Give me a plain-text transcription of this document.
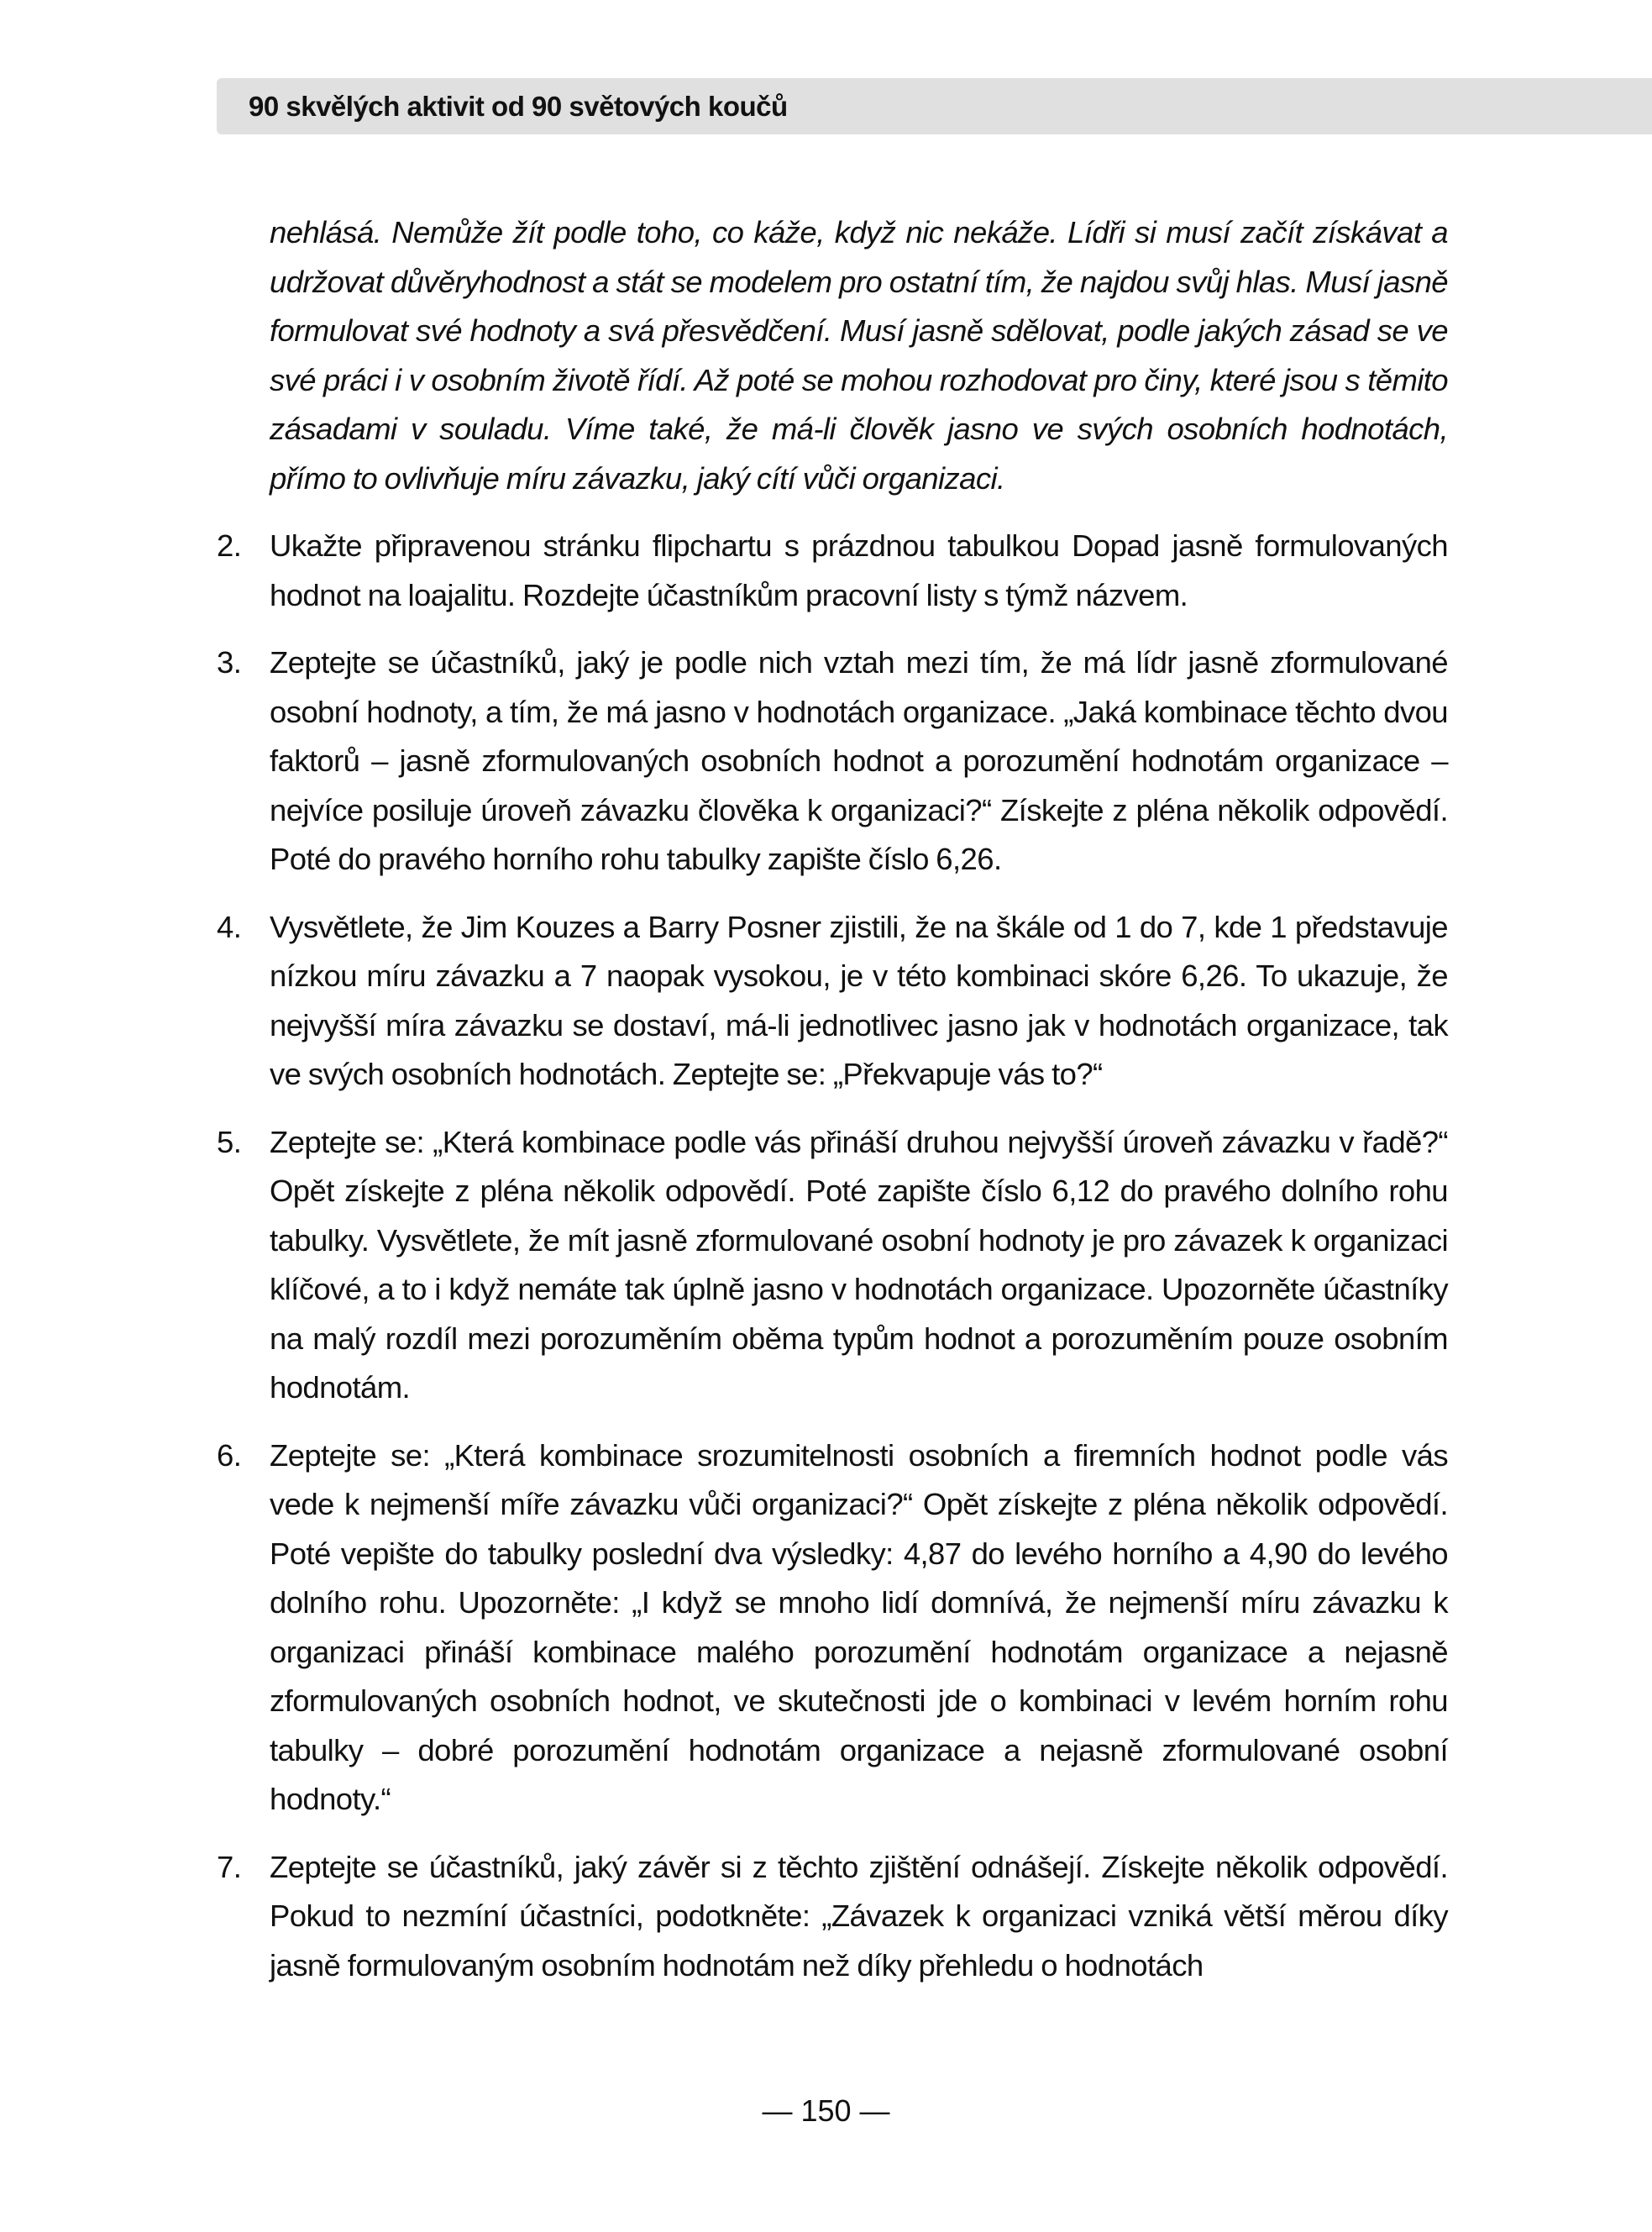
90 skvělých aktivit od 90 světových koučů

nehlásá. Nemůže žít podle toho, co káže, když nic nekáže. Lídři si musí začít získávat a udržovat důvěryhodnost a stát se modelem pro ostatní tím, že najdou svůj hlas. Musí jasně formulovat své hodnoty a svá přesvědčení. Musí jasně sdělovat, podle jakých zásad se ve své práci i v osobním životě řídí. Až poté se mohou rozhodovat pro činy, které jsou s těmito zásadami v souladu. Víme také, že má-li člověk jasno ve svých osobních hodnotách, přímo to ovlivňuje míru závazku, jaký cítí vůči organizaci.

2. Ukažte připravenou stránku flipchartu s prázdnou tabulkou Dopad jasně formulovaných hodnot na loajalitu. Rozdejte účastníkům pracovní listy s týmž názvem.
3. Zeptejte se účastníků, jaký je podle nich vztah mezi tím, že má lídr jasně zformulované osobní hodnoty, a tím, že má jasno v hodnotách organizace. „Jaká kombinace těchto dvou faktorů – jasně zformulovaných osobních hodnot a porozumění hodnotám organizace – nejvíce posiluje úroveň závazku člověka k organizaci?“ Získejte z pléna několik odpovědí. Poté do pravého horního rohu tabulky zapište číslo 6,26.
4. Vysvětlete, že Jim Kouzes a Barry Posner zjistili, že na škále od 1 do 7, kde 1 představuje nízkou míru závazku a 7 naopak vysokou, je v této kombinaci skóre 6,26. To ukazuje, že nejvyšší míra závazku se dostaví, má-li jednotlivec jasno jak v hodnotách organizace, tak ve svých osobních hodnotách. Zeptejte se: „Překvapuje vás to?“
5. Zeptejte se: „Která kombinace podle vás přináší druhou nejvyšší úroveň závazku v řadě?“ Opět získejte z pléna několik odpovědí. Poté zapište číslo 6,12 do pravého dolního rohu tabulky. Vysvětlete, že mít jasně zformulované osobní hodnoty je pro závazek k organizaci klíčové, a to i když nemáte tak úplně jasno v hodnotách organizace. Upozorněte účastníky na malý rozdíl mezi porozuměním oběma typům hodnot a porozuměním pouze osobním hodnotám.
6. Zeptejte se: „Která kombinace srozumitelnosti osobních a firemních hodnot podle vás vede k nejmenší míře závazku vůči organizaci?“ Opět získejte z pléna několik odpovědí. Poté vepište do tabulky poslední dva výsledky: 4,87 do levého horního a 4,90 do levého dolního rohu. Upozorněte: „I když se mnoho lidí domnívá, že nejmenší míru závazku k organizaci přináší kombinace malého porozumění hodnotám organizace a nejasně zformulovaných osobních hodnot, ve skutečnosti jde o kombinaci v levém horním rohu tabulky – dobré porozumění hodnotám organizace a nejasně zformulované osobní hodnoty.“
7. Zeptejte se účastníků, jaký závěr si z těchto zjištění odnášejí. Získejte několik odpovědí. Pokud to nezmíní účastníci, podotkněte: „Závazek k organizaci vzniká větší měrou díky jasně formulovaným osobním hodnotám než díky přehledu o hodnotách
— 150 —
